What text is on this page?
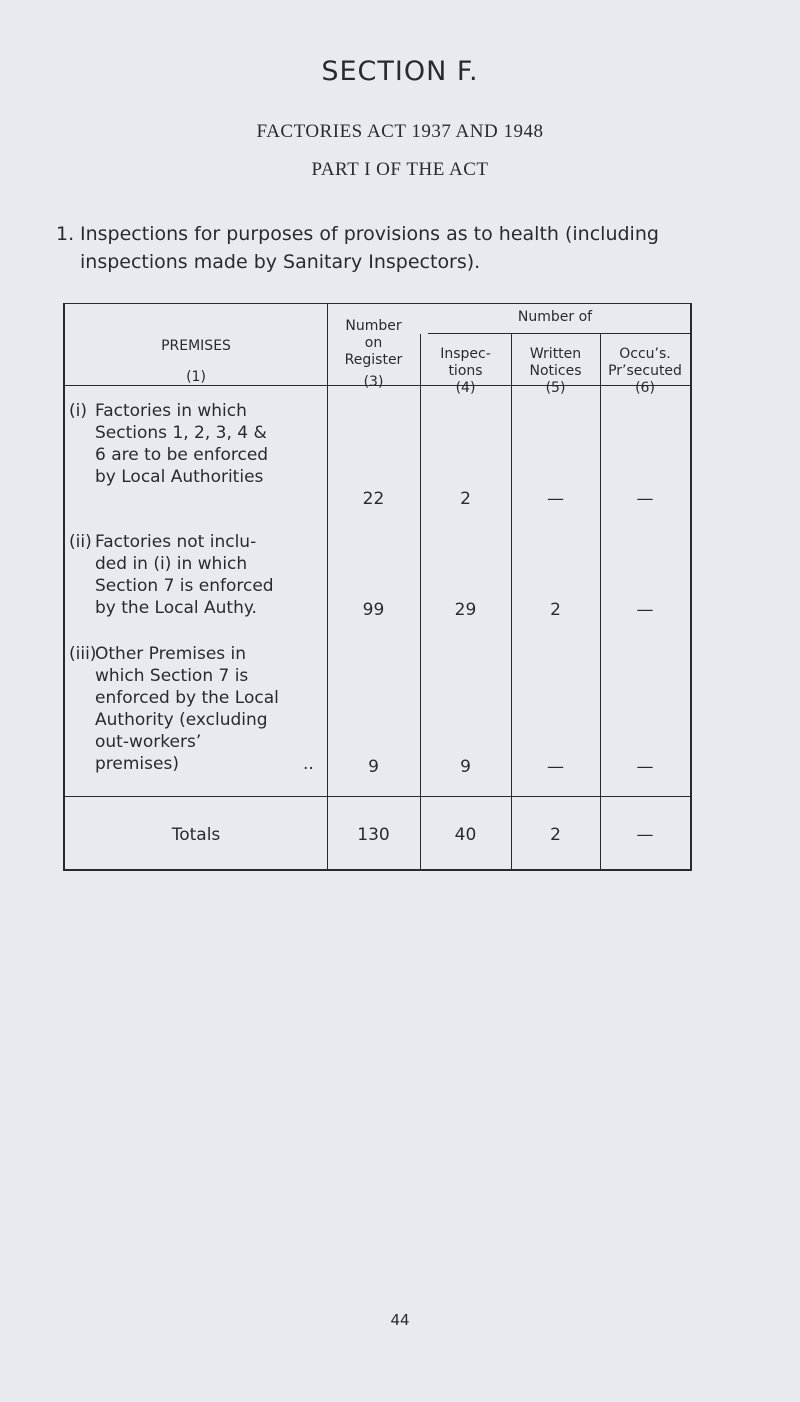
SECTION F.
FACTORIES ACT 1937 AND 1948
PART I OF THE ACT
1. Inspections for purposes of provisions as to health (including
inspections made by Sanitary Inspectors).
PREMISES
(1)
Number
on
Register
(3)
Number of
Inspec-
tions
(4)
Written
Notices
(5)
Occu’s.
Pr’secuted
(6)
(i) Factories in which
Sections 1, 2, 3, 4 &
6 are to be enforced
by Local Authorities
22	2	—	—
(ii) Factories not inclu-
ded in (i) in which
Section 7 is enforced
by the Local Authy.	99	29	2	—
(iii)
Other Premises in
which Section 7 is
enforced by the Local
Authority (excluding
out-workers’
premises)	..	9	9	—	—
Totals	130	40	2	—
44
